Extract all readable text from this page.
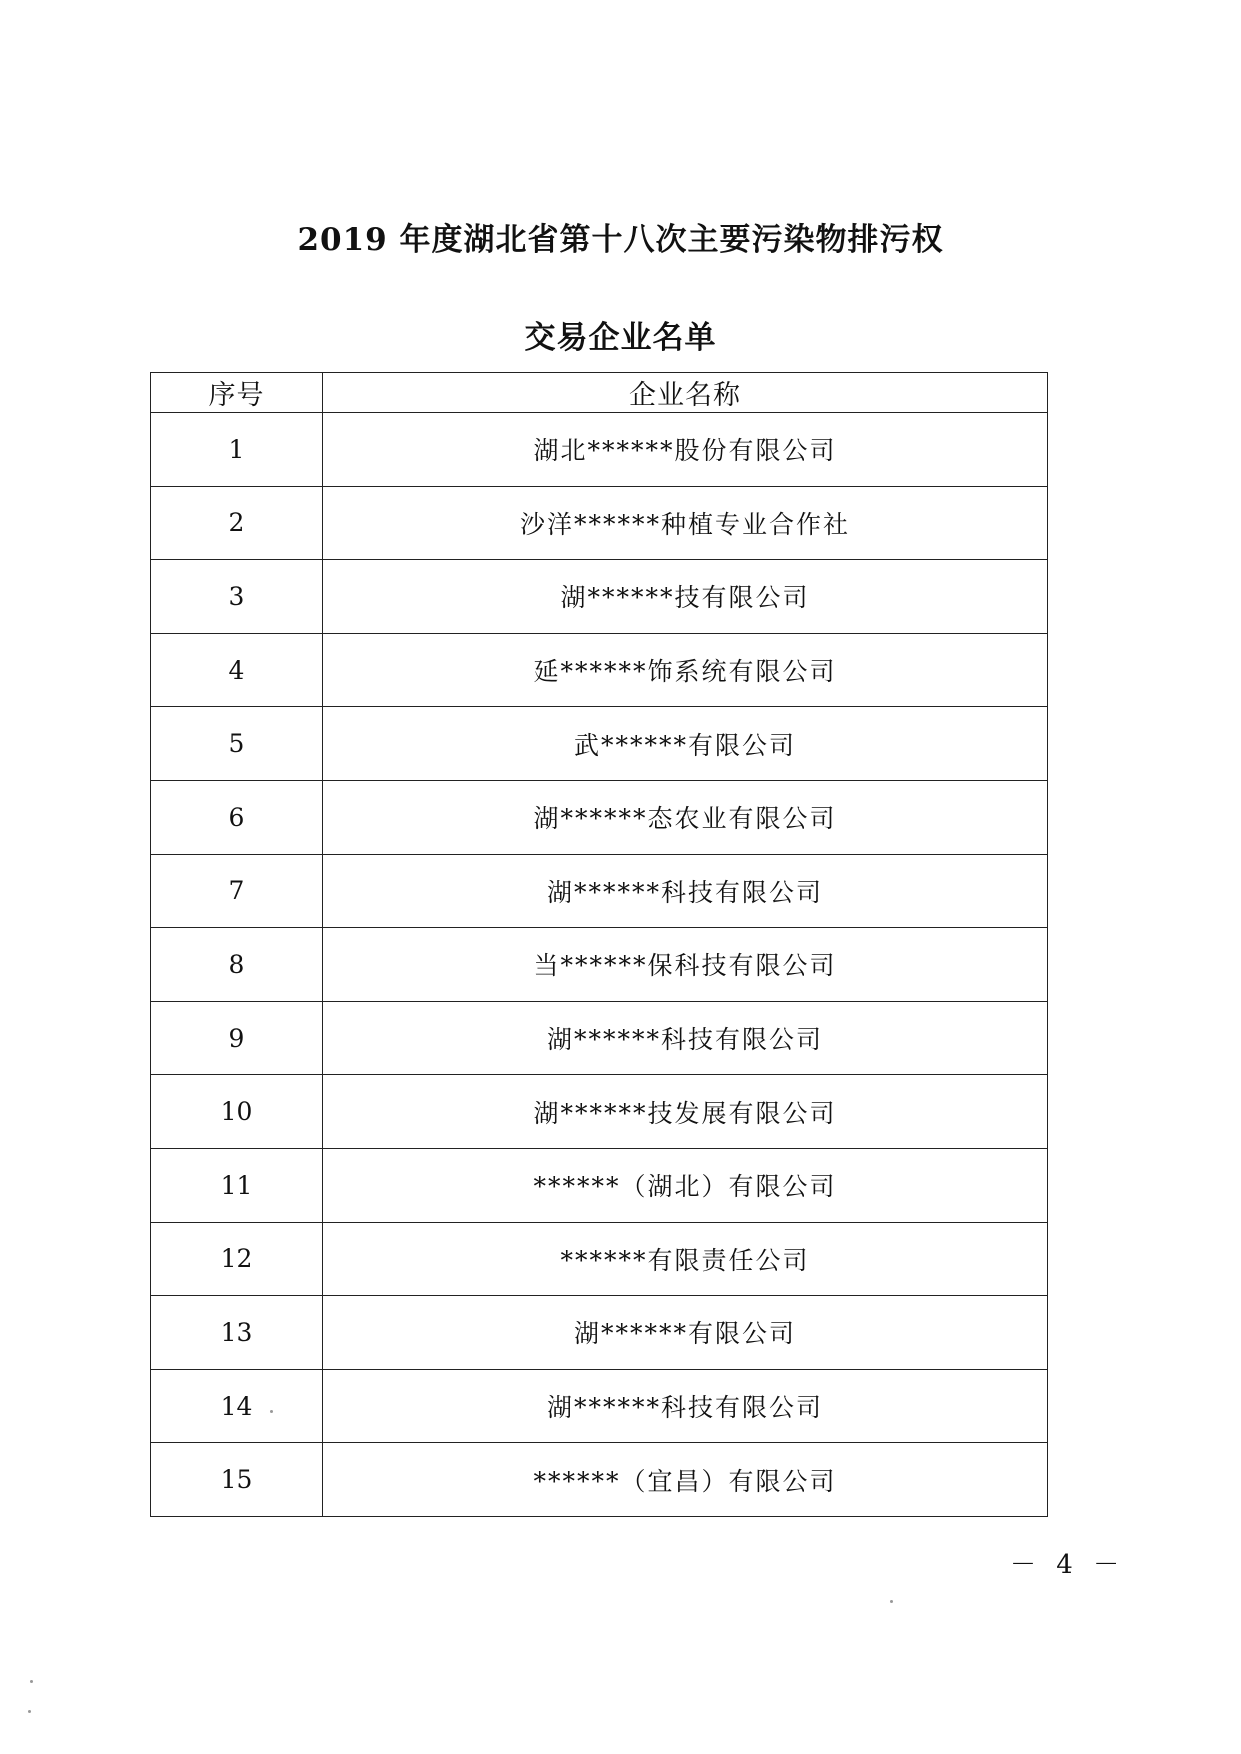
2019 年度湖北省第十八次主要污染物排污权
交易企业名单
序号	企业名称
1	湖北******股份有限公司
2	沙洋******种植专业合作社
3	湖******技有限公司
4	延******饰系统有限公司
5	武******有限公司
6	湖******态农业有限公司
7	湖******科技有限公司
8	当******保科技有限公司
9	湖******科技有限公司
10	湖******技发展有限公司
11	******（湖北）有限公司
12	******有限责任公司
13	湖******有限公司
14	湖******科技有限公司
15	******（宜昌）有限公司
－ 4 －
